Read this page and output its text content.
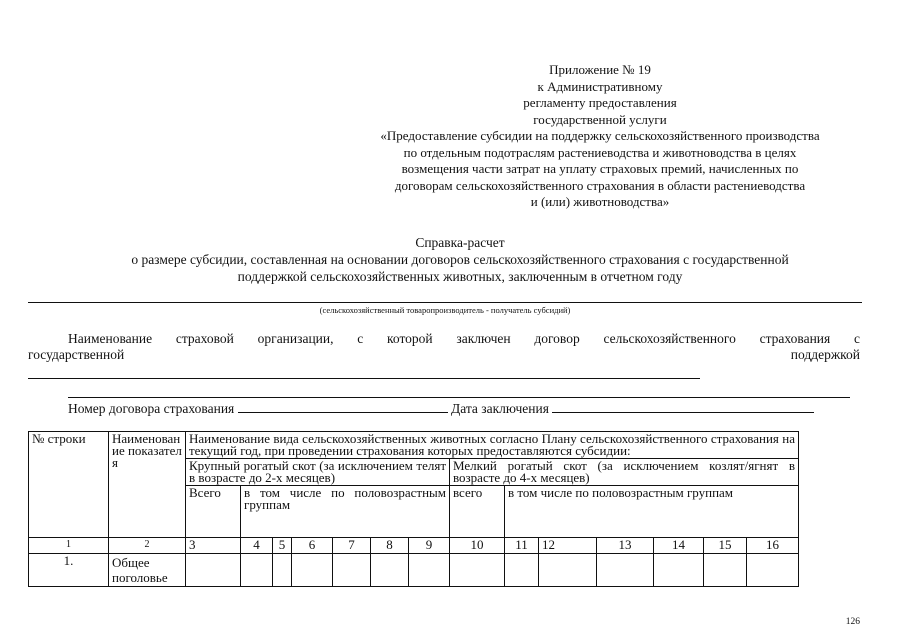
Приложение № 19
к Административному
регламенту предоставления
государственной услуги
«Предоставление субсидии на поддержку сельскохозяйственного производства
по отдельным подотраслям растениеводства и животноводства в целях
возмещения части затрат на уплату страховых премий, начисленных по
договорам сельскохозяйственного страхования в области растениеводства
и (или) животноводства»
Справка-расчет
о размере субсидии, составленная на основании договоров сельскохозяйственного страхования с государственной
поддержкой сельскохозяйственных животных, заключенным в отчетном году
(сельскохозяйственный товаропроизводитель - получатель субсидий)
Наименование страховой организации, с которой заключен договор сельскохозяйственного страхования с
государственной	поддержкой
Номер договора страхования	Дата заключения
№ строки	Наименование показателя	Наименование вида сельскохозяйственных животных согласно Плану сельскохозяйственного страхования на текущий год, при проведении страхования которых предоставляются субсидии:													
		Крупный рогатый скот (за исключением телят в возрасте до 2-х месяцев)							Мелкий рогатый скот (за исключением козлят/ягнят в возрасте до 4-х месяцев)						
		Всего	в том числе по половозрастным группам						всего	в том числе по половозрастным группам					
1	2	3	4	5	6	7	8	9	10	11	12	13	14	15	16
1.	Общее поголовье														
126
